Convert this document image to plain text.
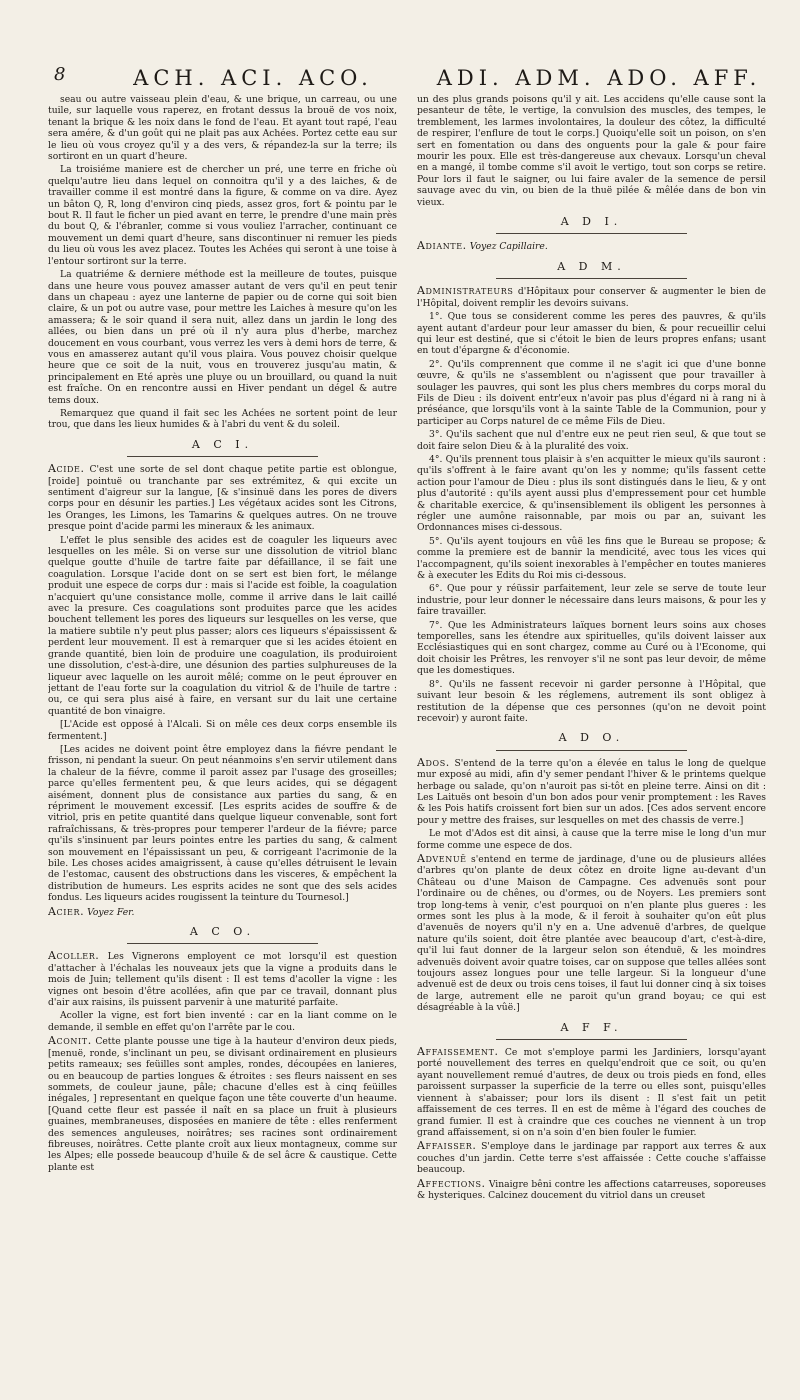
8	ACH. ACI. ACO.	ADI. ADM. ADO. AFF.

seau ou autre vaisseau plein d'eau, & une brique, un carreau, ou une tuile, sur laquelle vous raperez, en frotant dessus la brouë de vos noix, tenant la brique & les noix dans le fond de l'eau. Et ayant tout rapé, l'eau sera amére, & d'un goût qui ne plait pas aux Achées. Portez cette eau sur le lieu où vous croyez qu'il y a des vers, & répandez-la sur la terre; ils sortiront en un quart d'heure.

La troisiéme maniere est de chercher un pré, une terre en friche où quelqu'autre lieu dans lequel on connoitra qu'il y a des laiches, & de travailler comme il est montré dans la figure, & comme on va dire. Ayez un bâton Q, R, long d'environ cinq pieds, assez gros, fort & pointu par le bout R. Il faut le ficher un pied avant en terre, le prendre d'une main près du bout Q, & l'ébranler, comme si vous vouliez l'arracher, continuant ce mouvement un demi quart d'heure, sans discontinuer ni remuer les pieds du lieu où vous les avez placez. Toutes les Achées qui seront à une toise à l'entour sortiront sur la terre.

La quatriéme & derniere méthode est la meilleure de toutes, puisque dans une heure vous pouvez amasser autant de vers qu'il en peut tenir dans un chapeau : ayez une lanterne de papier ou de corne qui soit bien claire, & un pot ou autre vase, pour mettre les Laiches à mesure qu'on les amassera; & le soir quand il sera nuit, allez dans un jardin le long des allées, ou bien dans un pré où il n'y aura plus d'herbe, marchez doucement en vous courbant, vous verrez les vers à demi hors de terre, & vous en amasserez autant qu'il vous plaira. Vous pouvez choisir quelque heure que ce soit de la nuit, vous en trouverez jusqu'au matin, & principalement en Eté après une pluye ou un brouillard, ou quand la nuit est fraîche. On en rencontre aussi en Hiver pendant un dégel & autre tems doux.

Remarquez que quand il fait sec les Achées ne sortent point de leur trou, que dans les lieux humides & à l'abri du vent & du soleil.

A C I.

Acide. C'est une sorte de sel dont chaque petite partie est oblongue, [roide] pointuë ou tranchante par ses extrémitez, & qui excite un sentiment d'aigreur sur la langue, [& s'insinuë dans les pores de divers corps pour en désunir les parties.] Les végétaux acides sont les Citrons, les Oranges, les Limons, les Tamarins & quelques autres. On ne trouve presque point d'acide parmi les mineraux & les animaux.

L'effet le plus sensible des acides est de coaguler les liqueurs avec lesquelles on les mêle. Si on verse sur une dissolution de vitriol blanc quelque goutte d'huile de tartre faite par défaillance, il se fait une coagulation. Lorsque l'acide dont on se sert est bien fort, le mélange produit une espece de corps dur : mais si l'acide est foible, la coagulation n'acquiert qu'une consistance molle, comme il arrive dans le lait caillé avec la presure. Ces coagulations sont produites parce que les acides bouchent tellement les pores des liqueurs sur lesquelles on les verse, que la matiere subtile n'y peut plus passer; alors ces liqueurs s'épaississent & perdent leur mouvement. Il est à remarquer que si les acides étoient en grande quantité, bien loin de produire une coagulation, ils produiroient une dissolution, c'est-à-dire, une désunion des parties sulphureuses de la liqueur avec laquelle on les auroit mêlé; comme on le peut éprouver en jettant de l'eau forte sur la coagulation du vitriol & de l'huile de tartre : ou, ce qui sera plus aisé à faire, en versant sur du lait une certaine quantité de bon vinaigre.

[L'Acide est opposé à l'Alcali. Si on mêle ces deux corps ensemble ils fermentent.]

[Les acides ne doivent point être employez dans la fiévre pendant le frisson, ni pendant la sueur. On peut néanmoins s'en servir utilement dans la chaleur de la fiévre, comme il paroit assez par l'usage des groseilles; parce qu'elles fermentent peu, & que leurs acides, qui se dégagent aisément, donnent plus de consistance aux parties du sang, & en répriment le mouvement excessif. [Les esprits acides de souffre & de vitriol, pris en petite quantité dans quelque liqueur convenable, sont fort rafraîchissans, & très-propres pour temperer l'ardeur de la fiévre; parce qu'ils s'insinuent par leurs pointes entre les parties du sang, & calment son mouvement en l'épaississant un peu, & corrigeant l'acrimonie de la bile. Les choses acides amaigrissent, à cause qu'elles détruisent le levain de l'estomac, causent des obstructions dans les visceres, & empêchent la distribution de humeurs. Les esprits acides ne sont que des sels acides fondus. Les liqueurs acides rougissent la teinture du Tournesol.]

Acier. Voyez Fer.

A C O.

Acoller. Les Vignerons employent ce mot lorsqu'il est question d'attacher à l'échalas les nouveaux jets que la vigne a produits dans le mois de Juin; tellement qu'ils disent : Il est tems d'acoller la vigne : les vignes ont besoin d'être acollées, afin que par ce travail, donnant plus d'air aux raisins, ils puissent parvenir à une maturité parfaite.

Acoller la vigne, est fort bien inventé : car en la liant comme on le demande, il semble en effet qu'on l'arrête par le cou.

Aconit. Cette plante pousse une tige à la hauteur d'environ deux pieds, [menuë, ronde, s'inclinant un peu, se divisant ordinairement en plusieurs petits rameaux; ses feüilles sont amples, rondes, découpées en lanieres, ou en beaucoup de parties longues & étroites : ses fleurs naissent en ses sommets, de couleur jaune, pâle; chacune d'elles est à cinq feüilles inégales, ] representant en quelque façon une tête couverte d'un heaume. [Quand cette fleur est passée il naît en sa place un fruit à plusieurs guaines, membraneuses, disposées en maniere de tête : elles renferment des semences anguleuses, noirâtres; ses racines sont ordinairement fibreuses, noirâtres. Cette plante croît aux lieux montagneux, comme sur les Alpes; elle possede beaucoup d'huile & de sel âcre & caustique. Cette plante est

un des plus grands poisons qu'il y ait. Les accidens qu'elle cause sont la pesanteur de tête, le vertige, la convulsion des muscles, des tempes, le tremblement, les larmes involontaires, la douleur des côtez, la difficulté de respirer, l'enflure de tout le corps.] Quoiqu'elle soit un poison, on s'en sert en fomentation ou dans des onguents pour la gale & pour faire mourir les poux. Elle est très-dangereuse aux chevaux. Lorsqu'un cheval en a mangé, il tombe comme s'il avoit le vertigo, tout son corps se retire. Pour lors il faut le saigner, ou lui faire avaler de la semence de persil sauvage avec du vin, ou bien de la thuë pilée & mêlée dans de bon vin vieux.

A D I.

Adiante. Voyez Capillaire.

A D M.

Administrateurs d'Hôpitaux pour conserver & augmenter le bien de l'Hôpital, doivent remplir les devoirs suivans.

1°. Que tous se considerent comme les peres des pauvres, & qu'ils ayent autant d'ardeur pour leur amasser du bien, & pour recueillir celui qui leur est destiné, que si c'étoit le bien de leurs propres enfans; usant en tout d'épargne & d'économie.

2°. Qu'ils comprennent que comme il ne s'agit ici que d'une bonne œuvre, & qu'ils ne s'assemblent ou n'agissent que pour travailler à soulager les pauvres, qui sont les plus chers membres du corps moral du Fils de Dieu : ils doivent entr'eux n'avoir pas plus d'égard ni à rang ni à préséance, que lorsqu'ils vont à la sainte Table de la Communion, pour y participer au Corps naturel de ce même Fils de Dieu.

3°. Qu'ils sachent que nul d'entre eux ne peut rien seul, & que tout se doit faire selon Dieu & à la pluralité des voix.

4°. Qu'ils prennent tous plaisir à s'en acquitter le mieux qu'ils sauront : qu'ils s'offrent à le faire avant qu'on les y nomme; qu'ils fassent cette action pour l'amour de Dieu : plus ils sont distingués dans le lieu, & y ont plus d'autorité : qu'ils ayent aussi plus d'empressement pour cet humble & charitable exercice, & qu'insensiblement ils obligent les personnes à régler une aumône raisonnable, par mois ou par an, suivant les Ordonnances mises ci-dessous.

5°. Qu'ils ayent toujours en vûë les fins que le Bureau se propose; & comme la premiere est de bannir la mendicité, avec tous les vices qui l'accompagnent, qu'ils soient inexorables à l'empêcher en toutes manieres & à executer les Edits du Roi mis ci-dessous.

6°. Que pour y réüssir parfaitement, leur zele se serve de toute leur industrie, pour leur donner le nécessaire dans leurs maisons, & pour les y faire travailler.

7°. Que les Administrateurs laïques bornent leurs soins aux choses temporelles, sans les étendre aux spirituelles, qu'ils doivent laisser aux Ecclésiastiques qui en sont chargez, comme au Curé ou à l'Econome, qui doit choisir les Prêtres, les renvoyer s'il ne sont pas leur devoir, de même que les domestiques.

8°. Qu'ils ne fassent recevoir ni garder personne à l'Hôpital, que suivant leur besoin & les réglemens, autrement ils sont obligez à restitution de la dépense que ces personnes (qu'on ne devoit point recevoir) y auront faite.

A D O.

Ados. S'entend de la terre qu'on a élevée en talus le long de quelque mur exposé au midi, afin d'y semer pendant l'hiver & le printems quelque herbage ou salade, qu'on n'auroit pas si-tôt en pleine terre. Ainsi on dit : Les Laituës ont besoin d'un bon ados pour venir promptement : les Raves & les Pois hatifs croissent fort bien sur un ados. [Ces ados servent encore pour y mettre des fraises, sur lesquelles on met des chassis de verre.]

Le mot d'Ados est dit ainsi, à cause que la terre mise le long d'un mur forme comme une espece de dos.

Advenuë s'entend en terme de jardinage, d'une ou de plusieurs allées d'arbres qu'on plante de deux côtez en droite ligne au-devant d'un Château ou d'une Maison de Campagne. Ces advenuës sont pour l'ordinaire ou de chênes, ou d'ormes, ou de Noyers. Les premiers sont trop long-tems à venir, c'est pourquoi on n'en plante plus gueres : les ormes sont les plus à la mode, & il feroit à souhaiter qu'on eût plus d'avenuës de noyers qu'il n'y en a. Une advenuë d'arbres, de quelque nature qu'ils soient, doit être plantée avec beaucoup d'art, c'est-à-dire, qu'il lui faut donner de la largeur selon son étenduë, & les moindres advenuës doivent avoir quatre toises, car on suppose que telles allées sont toujours assez longues pour une telle largeur. Si la longueur d'une advenuë est de deux ou trois cens toises, il faut lui donner cinq à six toises de large, autrement elle ne paroit qu'un grand boyau; ce qui est désagréable à la vûë.]

A F F.

Affaissement. Ce mot s'employe parmi les Jardiniers, lorsqu'ayant porté nouvellement des terres en quelqu'endroit que ce soit, ou qu'en ayant nouvellement remué d'autres, de deux ou trois pieds en fond, elles paroissent surpasser la superficie de la terre ou elles sont, puisqu'elles viennent à s'abaisser; pour lors ils disent : Il s'est fait un petit affaissement de ces terres. Il en est de même à l'égard des couches de grand fumier. Il est à craindre que ces couches ne viennent à un trop grand affaissement, si on n'a soin d'en bien fouler le fumier.

Affaisser. S'employe dans le jardinage par rapport aux terres & aux couches d'un jardin. Cette terre s'est affaissée : Cette couche s'affaisse beaucoup.

Affections. Vinaigre bêni contre les affections catarreuses, soporeuses & hysteriques. Calcinez doucement du vitriol dans un creuset
